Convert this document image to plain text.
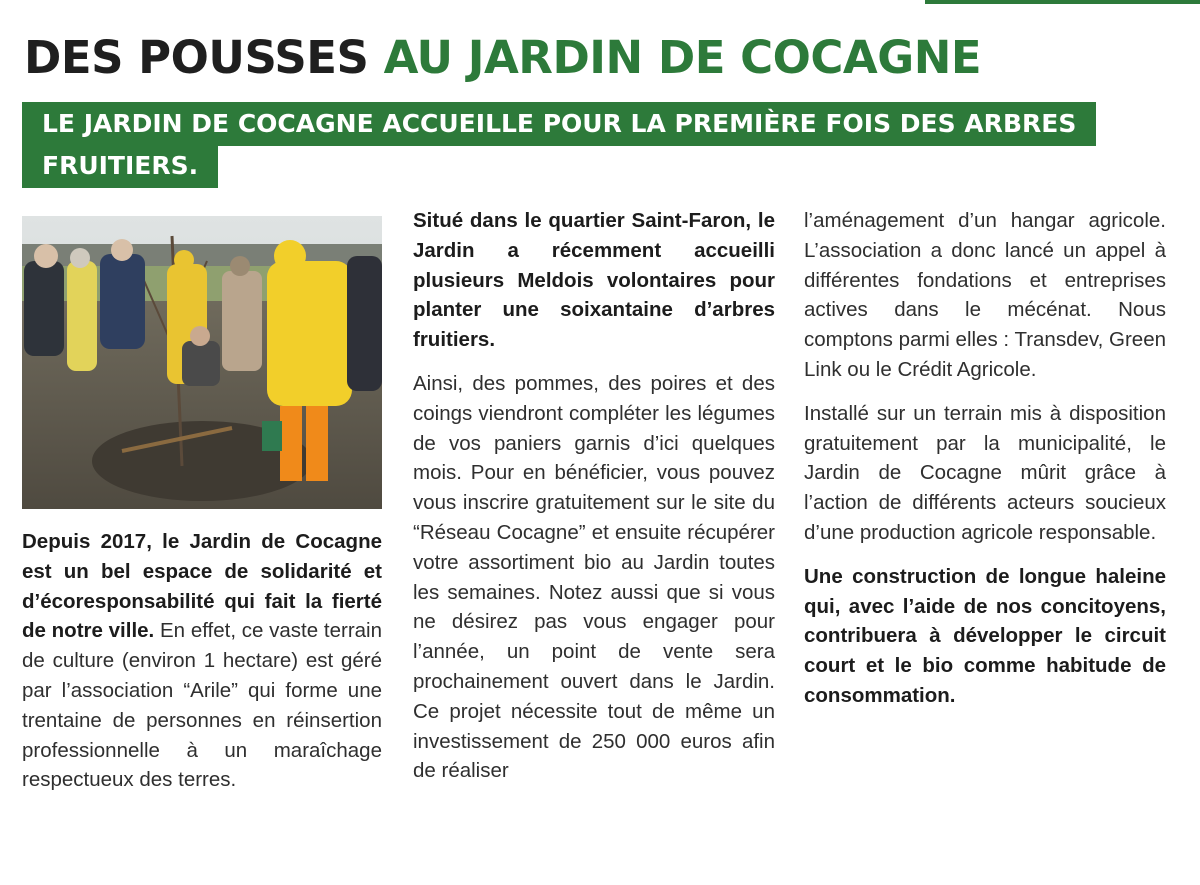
DES POUSSES AU JARDIN DE COCAGNE
LE JARDIN DE COCAGNE ACCUEILLE POUR LA PREMIÈRE FOIS DES ARBRES
FRUITIERS.

Depuis 2017, le Jardin de Cocagne est un bel espace de solidarité et d’écoresponsabilité qui fait la fierté de notre ville. En effet, ce vaste terrain de culture (environ 1 hectare) est géré par l’association “Arile” qui forme une trentaine de personnes en réinsertion professionnelle à un maraîchage respectueux des terres.

Situé dans le quartier Saint-Faron, le Jardin a récemment accueilli plusieurs Meldois volontaires pour planter une soixantaine d’arbres fruitiers.

Ainsi, des pommes, des poires et des coings viendront compléter les légumes de vos paniers garnis d’ici quelques mois. Pour en bénéficier, vous pouvez vous inscrire gratuitement sur le site du “Réseau Cocagne” et ensuite récupérer votre assortiment bio au Jardin toutes les semaines. Notez aussi que si vous ne désirez pas vous engager pour l’année, un point de vente sera prochainement ouvert dans le Jardin. Ce projet nécessite tout de même un investissement de 250 000 euros afin de réaliser

l’aménagement d’un hangar agricole. L’association a donc lancé un appel à différentes fondations et entreprises actives dans le mécénat. Nous comptons parmi elles : Transdev, Green Link ou le Crédit Agricole.

Installé sur un terrain mis à disposition gratuitement par la municipalité, le Jardin de Cocagne mûrit grâce à l’action de différents acteurs soucieux d’une production agricole responsable.

Une construction de longue haleine qui, avec l’aide de nos concitoyens, contribuera à développer le circuit court et le bio comme habitude de consommation.
